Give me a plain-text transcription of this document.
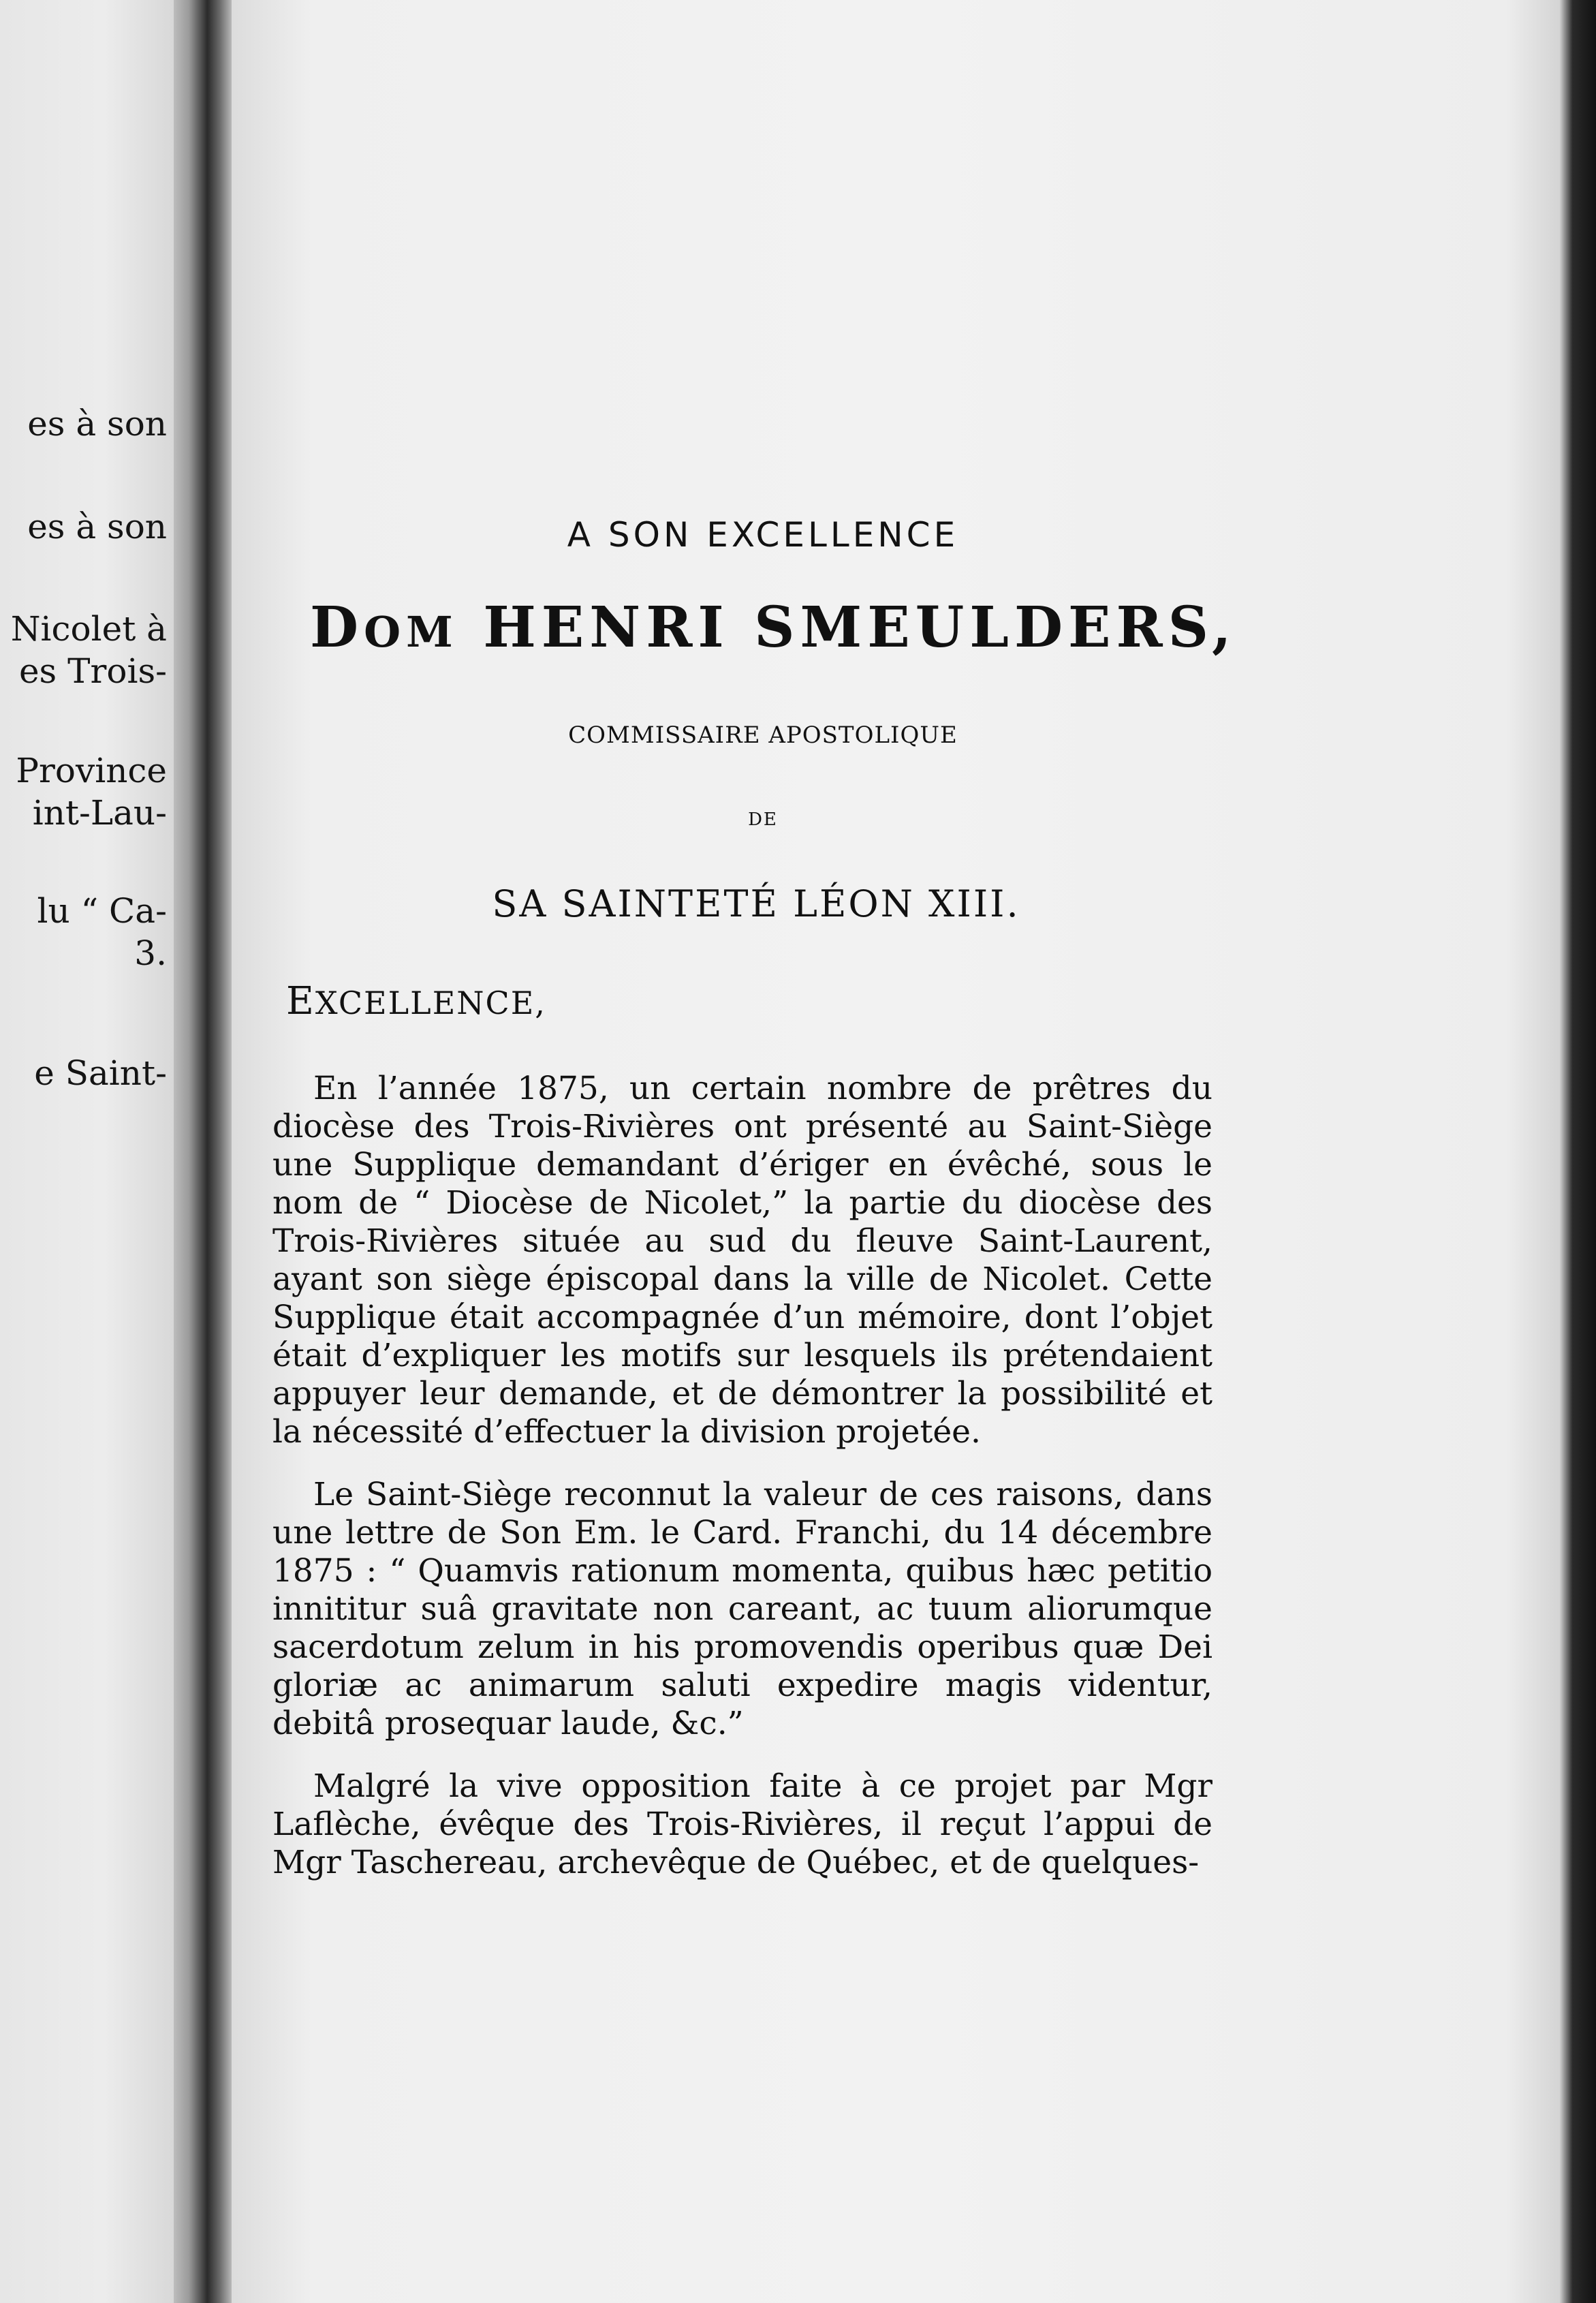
es à son
es à son
Nicolet à
es Trois-
Province
int-Lau-
lu “ Ca-
3.
e Saint-
A SON EXCELLENCE
DOM HENRI SMEULDERS,
COMMISSAIRE APOSTOLIQUE
DE
SA SAINTETÉ LÉON XIII.
EXCELLENCE,

En l’année 1875, un certain nombre de prêtres du diocèse des Trois-Rivières ont présenté au Saint-Siège une Supplique demandant d’ériger en évêché, sous le nom de “ Diocèse de Nicolet,” la partie du diocèse des Trois-Rivières située au sud du fleuve Saint-Laurent, ayant son siège épiscopal dans la ville de Nicolet. Cette Supplique était accompagnée d’un mémoire, dont l’objet était d’expliquer les motifs sur lesquels ils prétendaient appuyer leur demande, et de démontrer la possibilité et la nécessité d’effectuer la division projetée.

Le Saint-Siège reconnut la valeur de ces raisons, dans une lettre de Son Em. le Card. Franchi, du 14 décembre 1875 : “ Quamvis rationum momenta, quibus hæc petitio innititur suâ gravitate non careant, ac tuum aliorumque sacerdotum zelum in his promovendis operibus quæ Dei gloriæ ac animarum saluti expedire magis videntur, debitâ prosequar laude, &c.”

Malgré la vive opposition faite à ce projet par Mgr Laflèche, évêque des Trois-Rivières, il reçut l’appui de Mgr Taschereau, archevêque de Québec, et de quelques-
